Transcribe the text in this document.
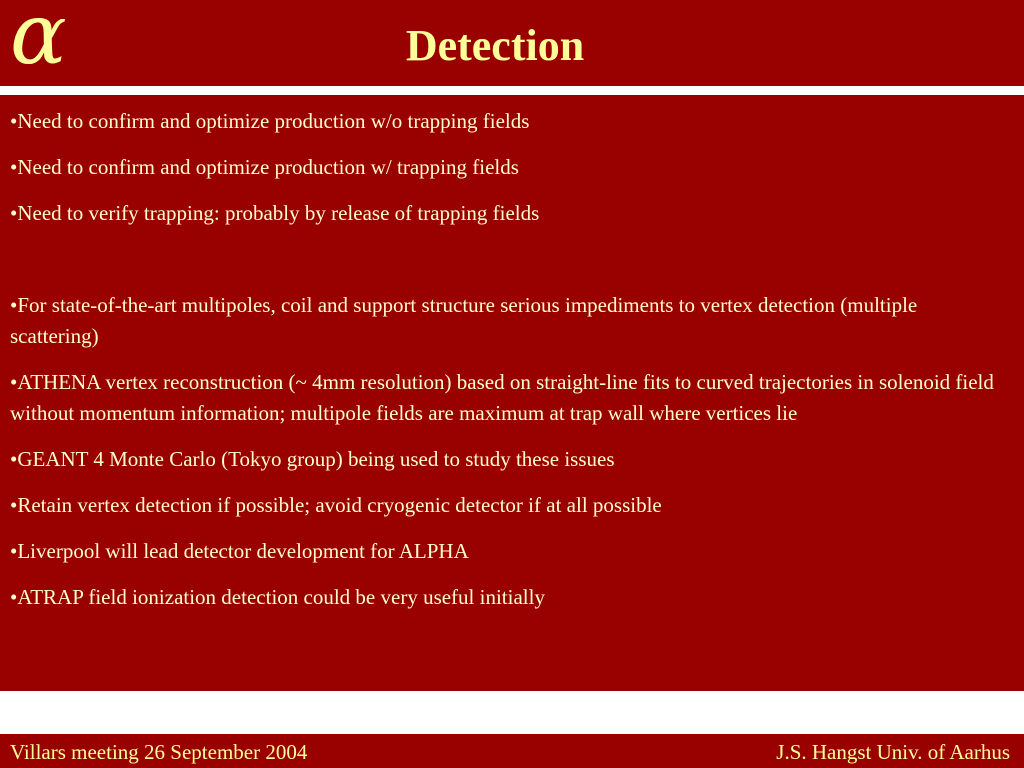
α	Detection
•Need to confirm and optimize production w/o trapping fields
•Need to confirm and optimize production w/ trapping fields
•Need to verify trapping: probably by release of trapping fields
•For state-of-the-art multipoles, coil and support structure serious impediments to vertex detection (multiple scattering)
•ATHENA vertex reconstruction (~ 4mm resolution) based on straight-line fits to curved trajectories in solenoid field without momentum information; multipole fields are maximum at trap wall where vertices lie
•GEANT 4 Monte Carlo (Tokyo group) being used to study these issues
•Retain vertex detection if possible; avoid cryogenic detector if at all possible
•Liverpool will lead detector development for ALPHA
•ATRAP field ionization detection could be very useful initially
Villars meeting 26 September 2004	J.S. Hangst Univ. of Aarhus
